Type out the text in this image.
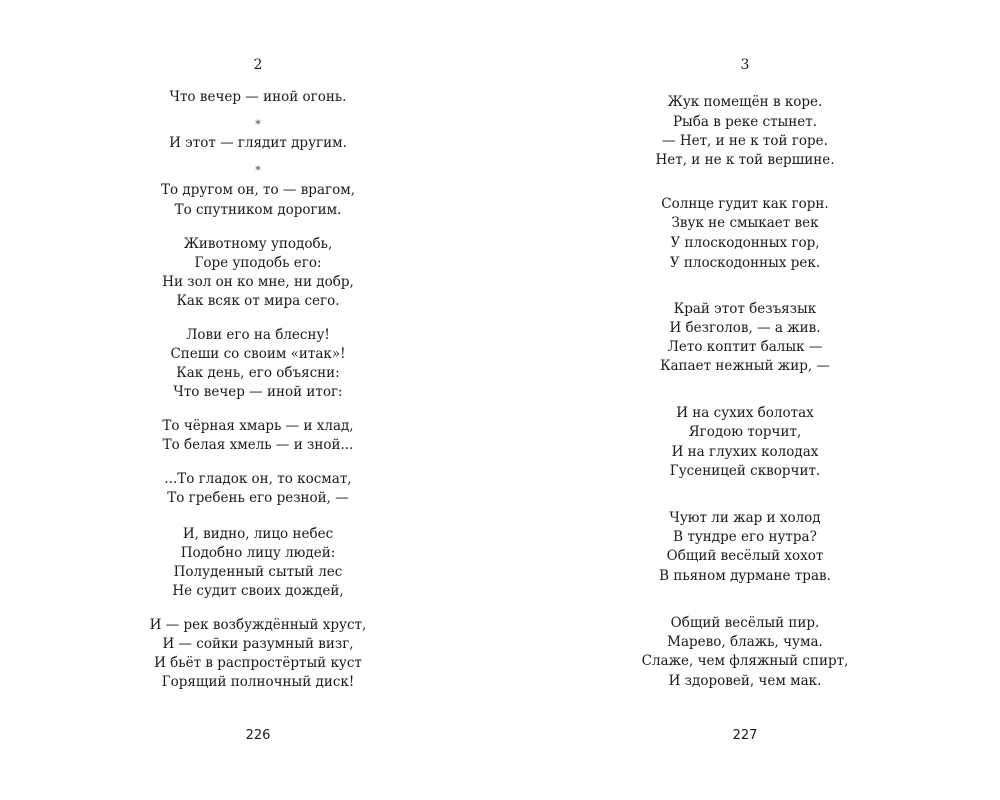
2
Что вечер — иной огонь.
*
И этот — глядит другим.
*
То другом он, то — врагом,
То спутником дорогим.
Животному уподобь,
Горе уподобь его:
Ни зол он ко мне, ни добр,
Как всяк от мира сего.
Лови его на блесну!
Спеши со своим «итак»!
Как день, его объясни:
Что вечер — иной итог:
То чёрная хмарь — и хлад,
То белая хмель — и зной...
...То гладок он, то космат,
То гребень его резной, —
И, видно, лицо небес
Подобно лицу людей:
Полуденный сытый лес
Не судит своих дождей,
И — рек возбуждённый хруст,
И — сойки разумный визг,
И бьёт в распростёртый куст
Горящий полночный диск!
226
3
Жук помещён в коре.
Рыба в реке стынет.
— Нет, и не к той горе.
Нет, и не к той вершине.
Солнце гудит как горн.
Звук не смыкает век
У плоскодонных гор,
У плоскодонных рек.
Край этот безъязык
И безголов, — а жив.
Лето коптит балык —
Капает нежный жир, —
И на сухих болотах
Ягодою торчит,
И на глухих колодах
Гусеницей скворчит.
Чуют ли жар и холод
В тундре его нутра?
Общий весёлый хохот
В пьяном дурмане трав.
Общий весёлый пир.
Марево, блажь, чума.
Слаже, чем фляжный спирт,
И здоровей, чем мак.
227
